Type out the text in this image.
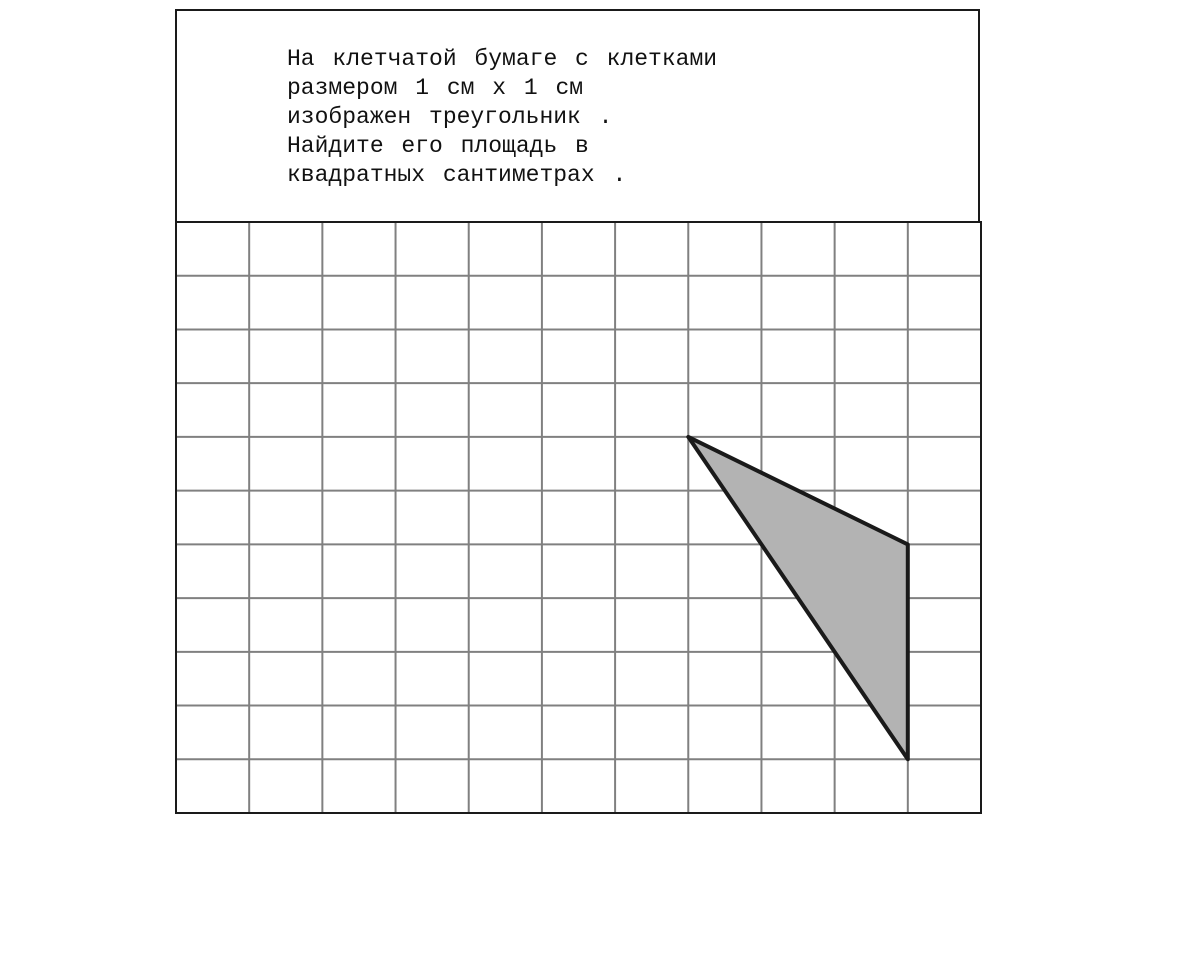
На клетчатой бумаге с клетками
размером 1 см х 1 см
изображен треугольник .
Найдите его площадь в
квадратных сантиметрах .
